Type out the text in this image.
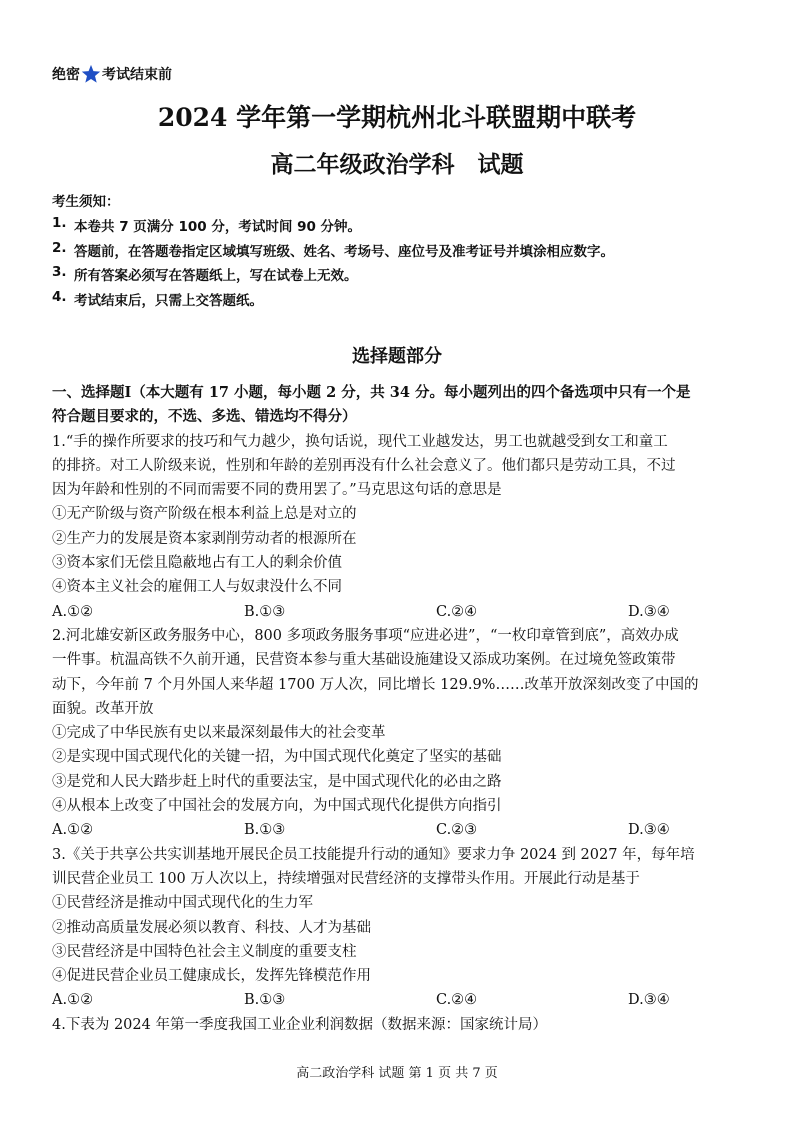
绝密 考试结束前
2024 学年第一学期杭州北斗联盟期中联考
高二年级政治学科　试题
考生须知：
1. 本卷共 7 页满分 100 分，考试时间 90 分钟。
2. 答题前，在答题卷指定区域填写班级、姓名、考场号、座位号及准考证号并填涂相应数字。
3. 所有答案必须写在答题纸上，写在试卷上无效。
4. 考试结束后，只需上交答题纸。
选择题部分
一、选择题Ⅰ（本大题有 17 小题，每小题 2 分，共 34 分。每小题列出的四个备选项中只有一个是
符合题目要求的，不选、多选、错选均不得分）
1.“手的操作所要求的技巧和气力越少，换句话说，现代工业越发达，男工也就越受到女工和童工
的排挤。对工人阶级来说，性别和年龄的差别再没有什么社会意义了。他们都只是劳动工具，不过
因为年龄和性别的不同而需要不同的费用罢了。”马克思这句话的意思是
①无产阶级与资产阶级在根本利益上总是对立的
②生产力的发展是资本家剥削劳动者的根源所在
③资本家们无偿且隐蔽地占有工人的剩余价值
④资本主义社会的雇佣工人与奴隶没什么不同
A.①②	B.①③	C.②④	D.③④
2.河北雄安新区政务服务中心，800 多项政务服务事项“应进必进”，“一枚印章管到底”，高效办成
一件事。杭温高铁不久前开通，民营资本参与重大基础设施建设又添成功案例。在过境免签政策带
动下，今年前 7 个月外国人来华超 1700 万人次，同比增长 129.9%……改革开放深刻改变了中国的
面貌。改革开放
①完成了中华民族有史以来最深刻最伟大的社会变革
②是实现中国式现代化的关键一招，为中国式现代化奠定了坚实的基础
③是党和人民大踏步赶上时代的重要法宝，是中国式现代化的必由之路
④从根本上改变了中国社会的发展方向，为中国式现代化提供方向指引
A.①②	B.①③	C.②③	D.③④
3.《关于共享公共实训基地开展民企员工技能提升行动的通知》要求力争 2024 到 2027 年，每年培
训民营企业员工 100 万人次以上，持续增强对民营经济的支撑带头作用。开展此行动是基于
①民营经济是推动中国式现代化的生力军
②推动高质量发展必须以教育、科技、人才为基础
③民营经济是中国特色社会主义制度的重要支柱
④促进民营企业员工健康成长，发挥先锋模范作用
A.①②	B.①③	C.②④	D.③④
4.下表为 2024 年第一季度我国工业企业利润数据（数据来源：国家统计局）
高二政治学科 试题 第 1 页 共 7 页
